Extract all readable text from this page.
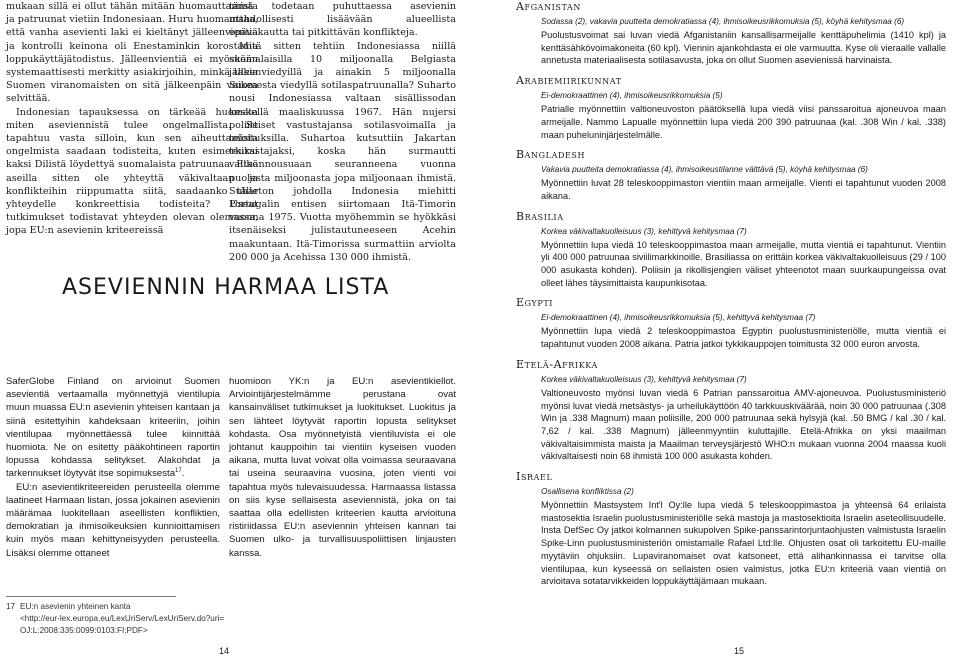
mukaan sillä ei ollut tähän mitään huomauttamista ja patruunat vietiin Indonesiaan. Huru huomauttaa, että vanha asevienti laki ei kieltänyt jälleenvientiä ja kontrolli keinona oli Enestaminkin korostama loppukäyttäjätodistus. Jälleenvientiä ei myöskään systemaattisesti merkitty asiakirjoihin, minkä takia Suomen viranomaisten on sitä jälkeenpäin vaikea selvittää.

Indonesian tapauksessa on tärkeää huomata miten aseviennistä tulee ongelmallista. Se tapahtuu vasta silloin, kun sen aiheuttamista ongelmista saadaan todisteita, kuten esimerkiksi kaksi Dilistä löydettyä suomalaista patruunaa. Eikö aseilla sitten ole yhteyttä väkivaltaan ja konflikteihin riippumatta siitä, saadaanko tälle yhteydelle konkreettisia todisteita? Useat tutkimukset todistavat yhteyden olevan olemassa, jopa EU:n asevienin kriteereissä

tämä todetaan puhuttaessa asevienin mahdollisesti lisäävään alueellista epävakautta tai pitkittävän konflikteja.

Mitä sitten tehtiin Indonesiassa niillä suomalaisilla 10 miljoonalla Belgiasta jälleenviedyillä ja ainakin 5 miljoonalla Suomesta viedyllä sotilaspatruunalla? Suharto nousi Indonesiassa valtaan sisällissodan keskellä maaliskuussa 1967. Hän nujersi poliittiset vastustajansa sotilasvoimalla ja teloituksilla. Suhartoa kutsuttiin Jakartan teurastajaksi, koska hän surmautti valtaannousuaan seuranneena vuonna puolesta miljoonasta jopa miljoonaan ihmistä. Suharton johdolla Indonesia miehitti Portugalin entisen siirtomaan Itä-Timorin vuonna 1975. Vuotta myöhemmin se hyökkäsi itsenäiseksi julistautuneeseen Acehin maakuntaan. Itä-Timorissa surmattiin arviolta 200 000 ja Acehissa 130 000 ihmistä.

ASEVIENNIN HARMAA LISTA

SaferGlobe Finland on arvioinut Suomen asevientiä vertaamalla myönnettyjä vientilupia muun muassa EU:n asevienin yhteisen kantaan ja siinä esitettyihin kahdeksaan kriteeriin, joihin vientilupaa myönnettäessä tulee kiinnittää huomiota. Ne on esitetty pääkohtineen raportin lopussa kohdassa selitykset. Alakohdat ja tarkennukset löytyvät itse sopimuksesta$^{17}$.

EU:n asevientikriteereiden perusteella olemme laatineet Harmaan listan, jossa jokainen asevienin määrämaa luokitellaan aseellisten konfliktien, demokratian ja ihmisoikeuksien kunnioittamisen kuin myös maan kehittyneisyyden perusteella. Lisäksi olemme ottaneet

huomioon YK:n ja EU:n asevientikiellot. Arviointijärjestelmämme perustana ovat kansainväliset tutkimukset ja luokitukset. Luokitus ja sen lähteet löytyvät raportin lopusta selitykset kohdasta. Osa myönnetyistä vientiluvista ei ole johtanut kauppoihin tai vientiin kyseisen vuoden aikana, mutta luvat voivat olla voimassa seuraavana tai useina seuraavina vuosina, joten vienti voi tapahtua myös tulevaisuudessa. Harmaassa listassa on siis kyse sellaisesta aseviennistä, joka on tai saattaa olla edellisten kriteerien kautta arvioituna ristiriidassa EU:n aseviennin yhteisen kannan tai Suomen ulko- ja turvallisuuspoliittisen linjausten kanssa.

Afganistan
Sodassa (2), vakavia puutteita demokratiassa (4), ihmisoikeusrikkomuksia (5), köyhä kehitysmaa (6)
Puolustusvoimat sai luvan viedä Afganistaniin kansallisarmeijalle kenttäpuhelimia (1410 kpl) ja kenttäsähkövoimakoneita (60 kpl). Viennin ajankohdasta ei ole varmuutta. Kyse oli vieraalle vallalle annetusta materiaalisesta sotilasavusta, joka on ollut Suomen asevienissä harvinaista.
Arabiemiirikunnat
Ei-demokraattinen (4), ihmisoikeusrikkomuksia (5)
Patrialle myönnettiin valtioneuvoston päätöksellä lupa viedä viisi panssaroitua ajoneuvoa maan armeijalle. Nammo Lapualle myönnettiin lupa viedä 200 390 patruunaa (kal. .308 Win / kal. .338) maan puheluninjärjestelmälle.
Bangladesh
Vakavia puutteita demokratiassa (4), ihmisoikeustilanne välttävä (5), köyhä kehitysmaa (6)
Myönnettiin luvat 28 teleskooppimaston vientiin maan armeijalle. Vienti ei tapahtunut vuoden 2008 aikana.
Brasilia
Korkea väkivaltakuolleisuus (3), kehittyvä kehitysmaa (7)
Myönnettiin lupa viedä 10 teleskooppimastoa maan armeijalle, mutta vientiä ei tapahtunut. Vientiin yli 400 000 patruunaa siviilimarkkinoille. Brasiliassa on erittäin korkea väkivaltakuolleisuus (29 / 100 000 asukasta kohden). Poliisin ja rikollisjengien väliset yhteenotot maan suurkaupungeissa ovat olleet lähes täysimittaista kaupunkisotaa.
Egypti
Ei-demokraattinen (4), ihmisoikeusrikkomuksia (5), kehittyvä kehitysmaa (7)
Myönnettiin lupa viedä 2 teleskooppimastoa Egyptin puolustusministeriölle, mutta vientiä ei tapahtunut vuoden 2008 aikana. Patria jatkoi tykkikauppojen toimitusta 32 000 euron arvosta.
Etelä-Afrikka
Korkea väkivaltakuolleisuus (3), kehittyvä kehitysmaa (7)
Valtioneuvosto myönsi luvan viedä 6 Patrian panssaroitua AMV-ajoneuvoa. Puolustusministeriö myönsi luvat viedä metsästys- ja urheilukäyttöön 40 tarkkuuskiväärää, noin 30 000 patruunaa (.308 Win ja .338 Magnum) maan poliisille, 200 000 patruunaa sekä hylsyjä (kal. .50 BMG / kal .30 / kal. 7,62 / kal. .338 Magnum) jälleenmyyntiin kuluttajille. Etelä-Afrikka on yksi maailman väkivaltaisimmista maista ja Maailman terveysjärjestö WHO:n mukaan vuonna 2004 maassa kuoli väkivaltaisesti noin 68 ihmistä 100 000 asukasta kohden.
Israel
Osallisena konfliktissa (2)
Myönnettiin Mastsystem Int'l Oy:lle lupa viedä 5 teleskooppimastoa ja yhteensä 64 erilaista mastosektia Israelin puolustusministeriölle sekä mastoja ja mastosektioita Israelin aseteollisuudelle. Insta DefSec Oy jatkoi kolmannen sukupolven Spike-panssarintorjuntaohjusten valmistusta Israelin Spike-Linn puolustusministeriön omistamalle Rafael Ltd:lle. Ohjusten osat oli tarkoitettu EU-maille myytäviin ohjuksiin. Lupaviranomaiset ovat katsoneet, että alihankinnassa ei tarvitse olla vientilupaa, kun kyseessä on sellaisten osien valmistus, jotka EU:n kriteeriä vaan vientiä on arvioitava sotatarvikkeiden loppukäyttäjämaan mukaan.
17 EU:n asevienin yhteinen kanta
<http://eur-lex.europa.eu/LexUriServ/LexUriServ.do?uri=
OJ:L:2008:335:0099:0103:FI:PDF>
14	15
